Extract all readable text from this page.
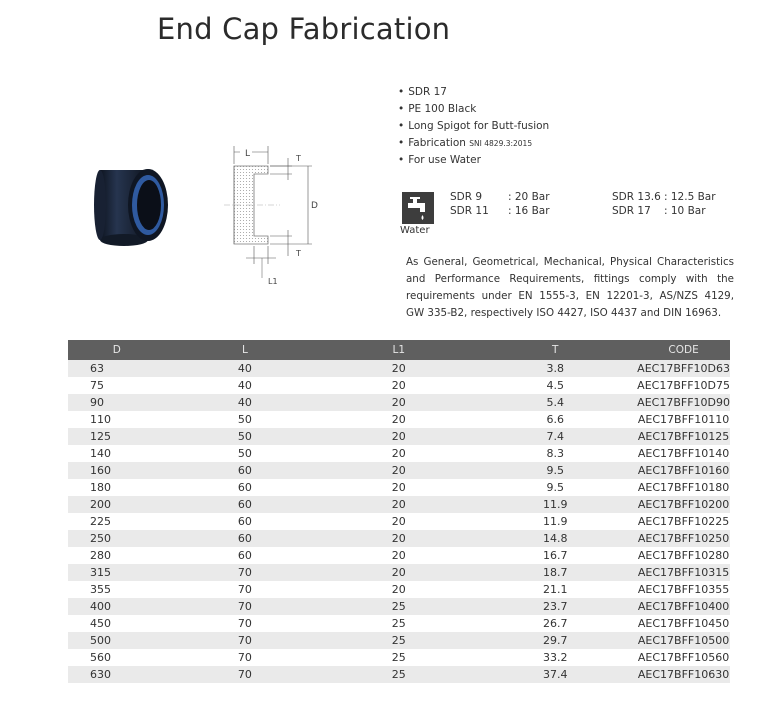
End Cap Fabrication
L	T
D
T
L1
• SDR 17
• PE 100 Black
• Long Spigot for Butt-fusion
• Fabrication SNI 4829.3:2015
• For use Water
Water
SDR 9 : 20 Bar
SDR 11 : 16 Bar
SDR 13.6 : 12.5 Bar
SDR 17 : 10 Bar
As General, Geometrical, Mechanical, Physical Characteristics
and Performance Requirements, fittings comply with the
requirements under EN 1555-3, EN 12201-3, AS/NZS 4129,
GW 335-B2, respectively ISO 4427, ISO 4437 and DIN 16963.
D	L	L1	T	CODE
63	40	20	3.8	AEC17BFF10D63
75	40	20	4.5	AEC17BFF10D75
90	40	20	5.4	AEC17BFF10D90
110	50	20	6.6	AEC17BFF10110
125	50	20	7.4	AEC17BFF10125
140	50	20	8.3	AEC17BFF10140
160	60	20	9.5	AEC17BFF10160
180	60	20	9.5	AEC17BFF10180
200	60	20	11.9	AEC17BFF10200
225	60	20	11.9	AEC17BFF10225
250	60	20	14.8	AEC17BFF10250
280	60	20	16.7	AEC17BFF10280
315	70	20	18.7	AEC17BFF10315
355	70	20	21.1	AEC17BFF10355
400	70	25	23.7	AEC17BFF10400
450	70	25	26.7	AEC17BFF10450
500	70	25	29.7	AEC17BFF10500
560	70	25	33.2	AEC17BFF10560
630	70	25	37.4	AEC17BFF10630
